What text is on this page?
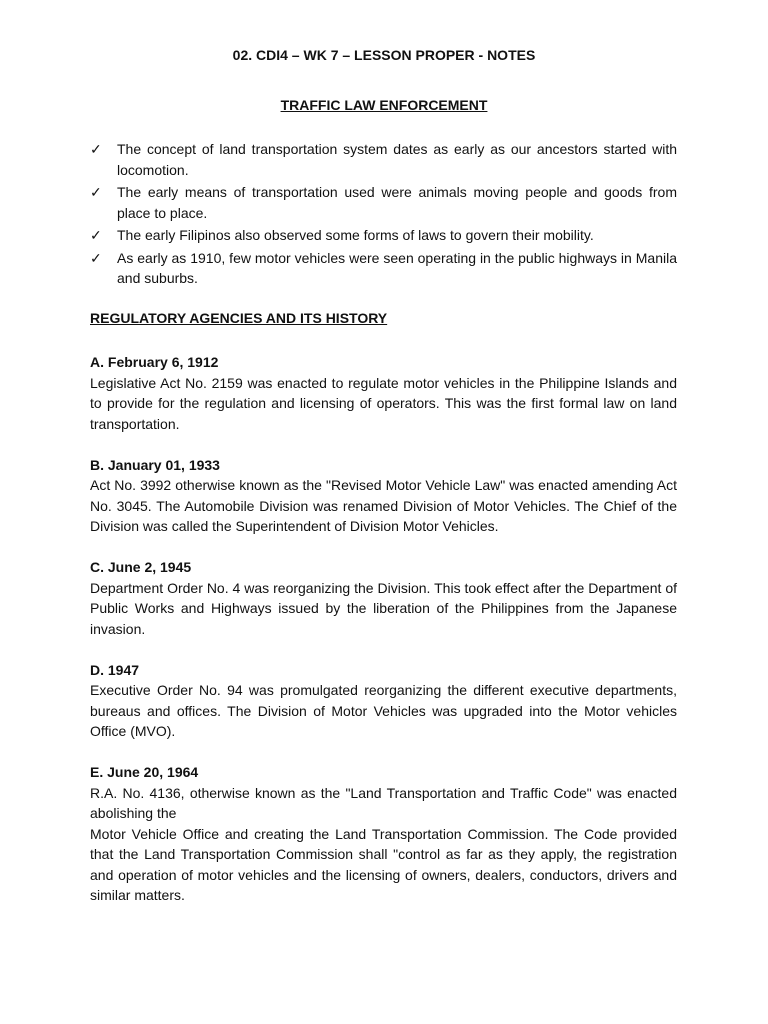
02. CDI4 – WK 7 – LESSON PROPER - NOTES
TRAFFIC LAW ENFORCEMENT
✓ The concept of land transportation system dates as early as our ancestors started with locomotion.
✓ The early means of transportation used were animals moving people and goods from place to place.
✓ The early Filipinos also observed some forms of laws to govern their mobility.
✓ As early as 1910, few motor vehicles were seen operating in the public highways in Manila and suburbs.
REGULATORY AGENCIES AND ITS HISTORY

A. February 6, 1912

Legislative Act No. 2159 was enacted to regulate motor vehicles in the Philippine Islands and to provide for the regulation and licensing of operators. This was the first formal law on land transportation.

B. January 01, 1933

Act No. 3992 otherwise known as the "Revised Motor Vehicle Law" was enacted amending Act No. 3045. The Automobile Division was renamed Division of Motor Vehicles. The Chief of the Division was called the Superintendent of Division Motor Vehicles.

C. June 2, 1945

Department Order No. 4 was reorganizing the Division. This took effect after the Department of Public Works and Highways issued by the liberation of the Philippines from the Japanese invasion.

D. 1947

Executive Order No. 94 was promulgated reorganizing the different executive departments, bureaus and offices. The Division of Motor Vehicles was upgraded into the Motor vehicles Office (MVO).

E. June 20, 1964

R.A. No. 4136, otherwise known as the "Land Transportation and Traffic Code" was enacted abolishing the

Motor Vehicle Office and creating the Land Transportation Commission. The Code provided that the Land Transportation Commission shall "control as far as they apply, the registration and operation of motor vehicles and the licensing of owners, dealers, conductors, drivers and similar matters.
